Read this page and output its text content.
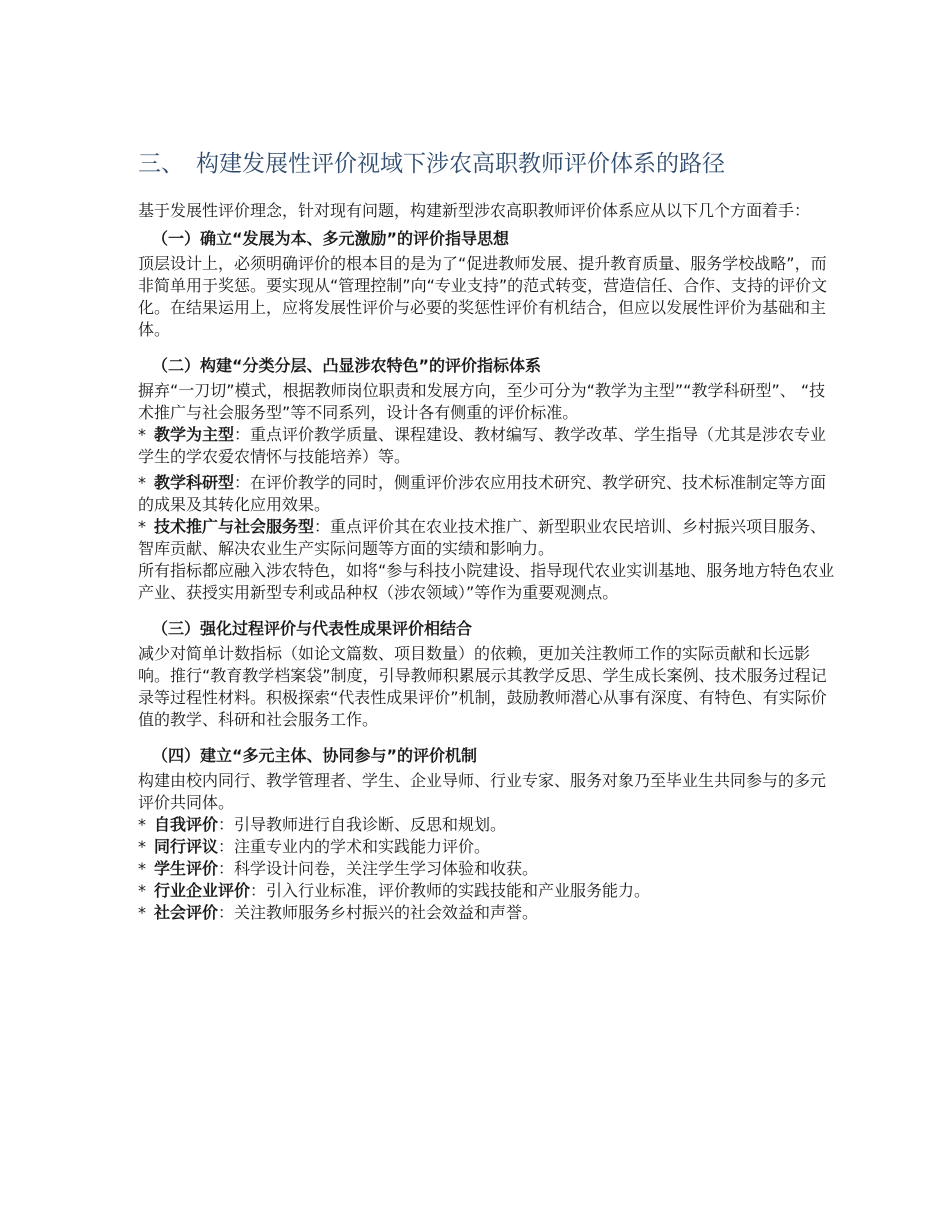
三、 构建发展性评价视域下涉农高职教师评价体系的路径

基于发展性评价理念，针对现有问题，构建新型涉农高职教师评价体系应从以下几个方面着手：

（一）确立“发展为本、多元激励”的评价指导思想

顶层设计上，必须明确评价的根本目的是为了“促进教师发展、提升教育质量、服务学校战略”，而非简单用于奖惩。要实现从“管理控制”向“专业支持”的范式转变，营造信任、合作、支持的评价文化。在结果运用上，应将发展性评价与必要的奖惩性评价有机结合，但应以发展性评价为基础和主体。

（二）构建“分类分层、凸显涉农特色”的评价指标体系

摒弃“一刀切”模式，根据教师岗位职责和发展方向，至少可分为“教学为主型”“教学科研型”、 “技术推广与社会服务型”等不同系列，设计各有侧重的评价标准。

* 教学为主型：重点评价教学质量、课程建设、教材编写、教学改革、学生指导（尤其是涉农专业学生的学农爱农情怀与技能培养）等。

* 教学科研型：在评价教学的同时，侧重评价涉农应用技术研究、教学研究、技术标准制定等方面的成果及其转化应用效果。

* 技术推广与社会服务型：重点评价其在农业技术推广、新型职业农民培训、乡村振兴项目服务、智库贡献、解决农业生产实际问题等方面的实绩和影响力。

所有指标都应融入涉农特色，如将“参与科技小院建设、指导现代农业实训基地、服务地方特色农业产业、获授实用新型专利或品种权（涉农领域）”等作为重要观测点。

（三）强化过程评价与代表性成果评价相结合

减少对简单计数指标（如论文篇数、项目数量）的依赖，更加关注教师工作的实际贡献和长远影响。推行“教育教学档案袋”制度，引导教师积累展示其教学反思、学生成长案例、技术服务过程记录等过程性材料。积极探索“代表性成果评价”机制，鼓励教师潜心从事有深度、有特色、有实际价值的教学、科研和社会服务工作。

（四）建立“多元主体、协同参与”的评价机制

构建由校内同行、教学管理者、学生、企业导师、行业专家、服务对象乃至毕业生共同参与的多元评价共同体。

* 自我评价：引导教师进行自我诊断、反思和规划。

* 同行评议：注重专业内的学术和实践能力评价。

* 学生评价：科学设计问卷，关注学生学习体验和收获。

* 行业企业评价：引入行业标准，评价教师的实践技能和产业服务能力。

* 社会评价：关注教师服务乡村振兴的社会效益和声誉。
